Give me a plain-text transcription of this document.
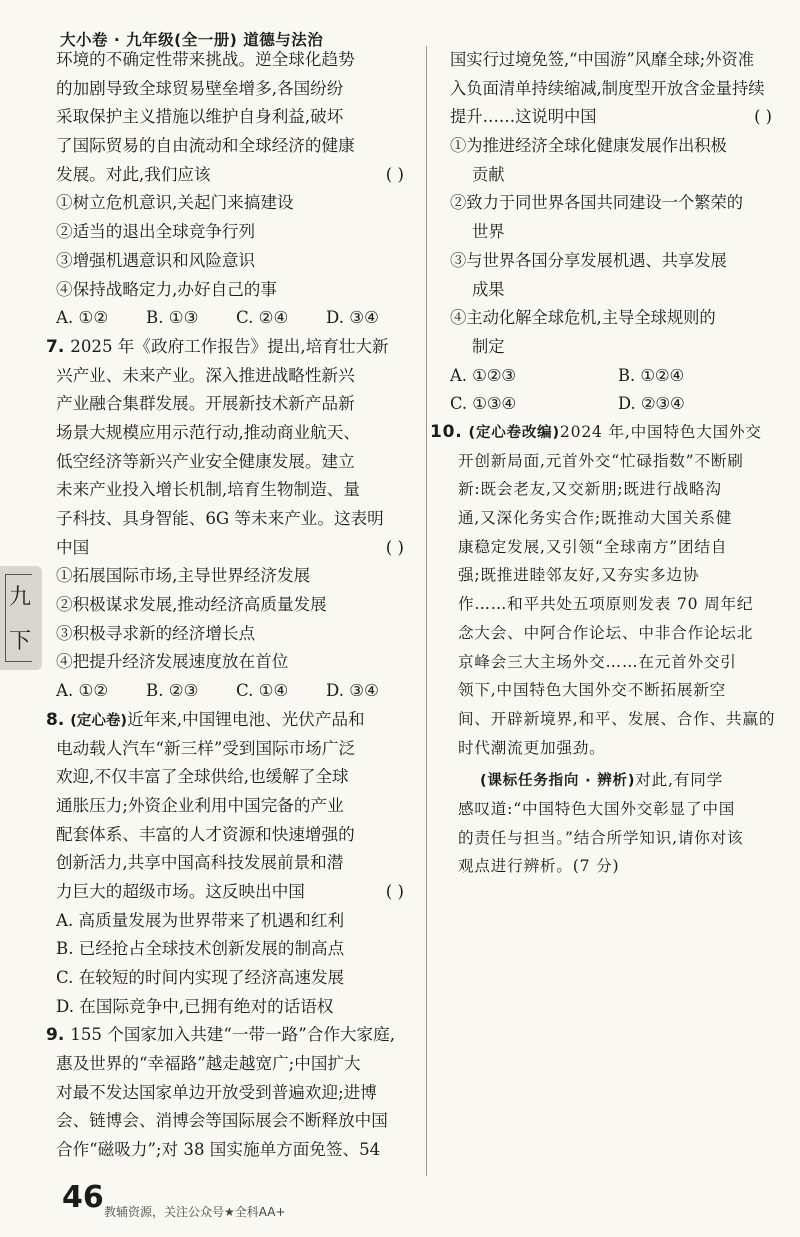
大小卷 · 九年级(全一册) 道德与法治
环境的不确定性带来挑战。逆全球化趋势
的加剧导致全球贸易壁垒增多,各国纷纷
采取保护主义措施以维护自身利益,破坏
了国际贸易的自由流动和全球经济的健康
( )
发展。对此,我们应该
①树立危机意识,关起门来搞建设
②适当的退出全球竞争行列
③增强机遇意识和风险意识
④保持战略定力,办好自己的事
A. ①②	B. ①③	C. ②④	D. ③④
7. 2025 年《政府工作报告》提出,培育壮大新
兴产业、未来产业。深入推进战略性新兴
产业融合集群发展。开展新技术新产品新
场景大规模应用示范行动,推动商业航天、
低空经济等新兴产业安全健康发展。建立
未来产业投入增长机制,培育生物制造、量
子科技、具身智能、6G 等未来产业。这表明
( )
中国
①拓展国际市场,主导世界经济发展
②积极谋求发展,推动经济高质量发展
③积极寻求新的经济增长点
④把提升经济发展速度放在首位
A. ①②	B. ②③	C. ①④	D. ③④
8. (定心卷)近年来,中国锂电池、光伏产品和
电动载人汽车“新三样”受到国际市场广泛
欢迎,不仅丰富了全球供给,也缓解了全球
通胀压力;外资企业利用中国完备的产业
配套体系、丰富的人才资源和快速增强的
创新活力,共享中国高科技发展前景和潜
( )
力巨大的超级市场。这反映出中国
A. 高质量发展为世界带来了机遇和红利
B. 已经抢占全球技术创新发展的制高点
C. 在较短的时间内实现了经济高速发展
D. 在国际竞争中,已拥有绝对的话语权
9. 155 个国家加入共建“一带一路”合作大家庭,
惠及世界的“幸福路”越走越宽广;中国扩大
对最不发达国家单边开放受到普遍欢迎;进博
会、链博会、消博会等国际展会不断释放中国
合作“磁吸力”;对 38 国实施单方面免签、54
国实行过境免签,“中国游”风靡全球;外资准
入负面清单持续缩减,制度型开放含金量持续
( )
提升……这说明中国
①为推进经济全球化健康发展作出积极
贡献
②致力于同世界各国共同建设一个繁荣的
世界
③与世界各国分享发展机遇、共享发展
成果
④主动化解全球危机,主导全球规则的
制定
A. ①②③	B. ①②④
C. ①③④	D. ②③④
10. (定心卷改编)2024 年,中国特色大国外交
开创新局面,元首外交“忙碌指数”不断刷
新:既会老友,又交新朋;既进行战略沟
通,又深化务实合作;既推动大国关系健
康稳定发展,又引领“全球南方”团结自
强;既推进睦邻友好,又夯实多边协
作……和平共处五项原则发表 70 周年纪
念大会、中阿合作论坛、中非合作论坛北
京峰会三大主场外交……在元首外交引
领下,中国特色大国外交不断拓展新空
间、开辟新境界,和平、发展、合作、共赢的
时代潮流更加强劲。
(课标任务指向 · 辨析)对此,有同学
感叹道:“中国特色大国外交彰显了中国
的责任与担当。”结合所学知识,请你对该
观点进行辨析。(7 分)
九
下
46 教辅资源，关注公众号★全科AA+
